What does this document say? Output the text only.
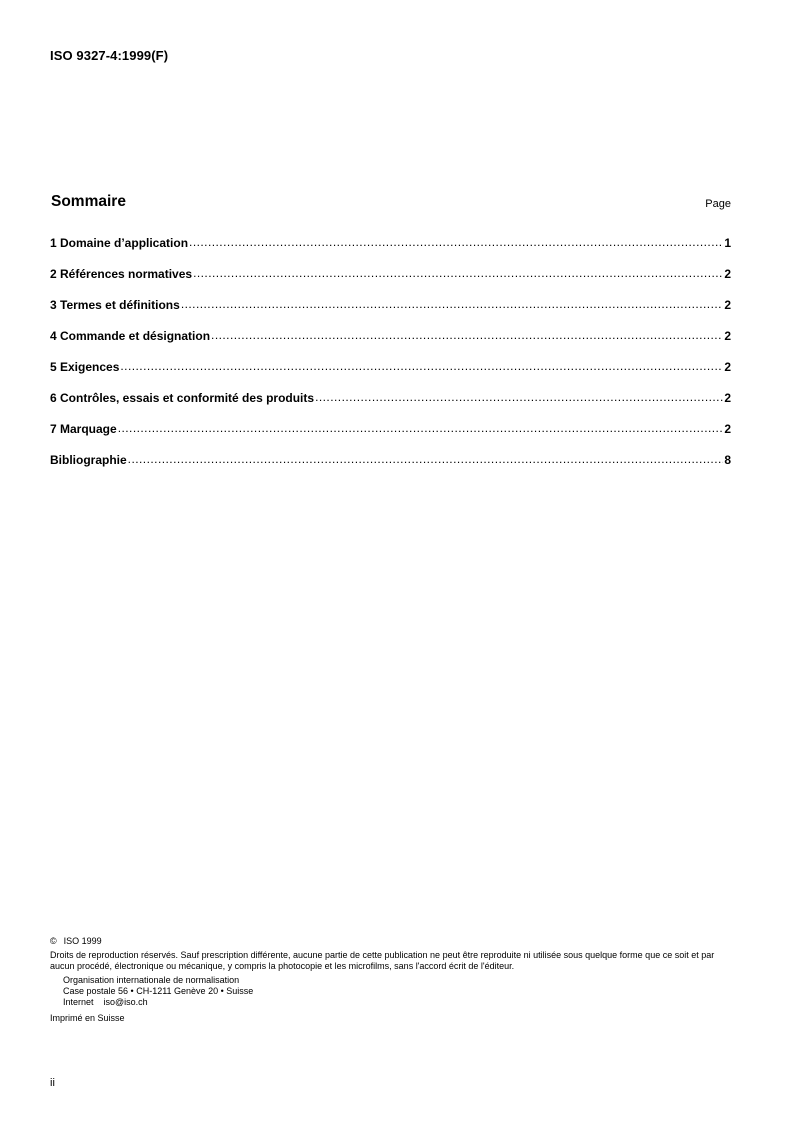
ISO 9327-4:1999(F)
Sommaire	Page
1 Domaine d’application .....	1
2 Références normatives .....	2
3 Termes et définitions .....	2
4 Commande et désignation .....	2
5 Exigences .....	2
6 Contrôles, essais et conformité des produits .....	2
7 Marquage .....	2
Bibliographie .....	8
© ISO 1999
Droits de reproduction réservés. Sauf prescription différente, aucune partie de cette publication ne peut être reproduite ni utilisée sous quelque forme que ce soit et par aucun procédé, électronique ou mécanique, y compris la photocopie et les microfilms, sans l'accord écrit de l'éditeur.
Organisation internationale de normalisation
Case postale 56 • CH-1211 Genève 20 • Suisse
Internet iso@iso.ch
Imprimé en Suisse
ii
